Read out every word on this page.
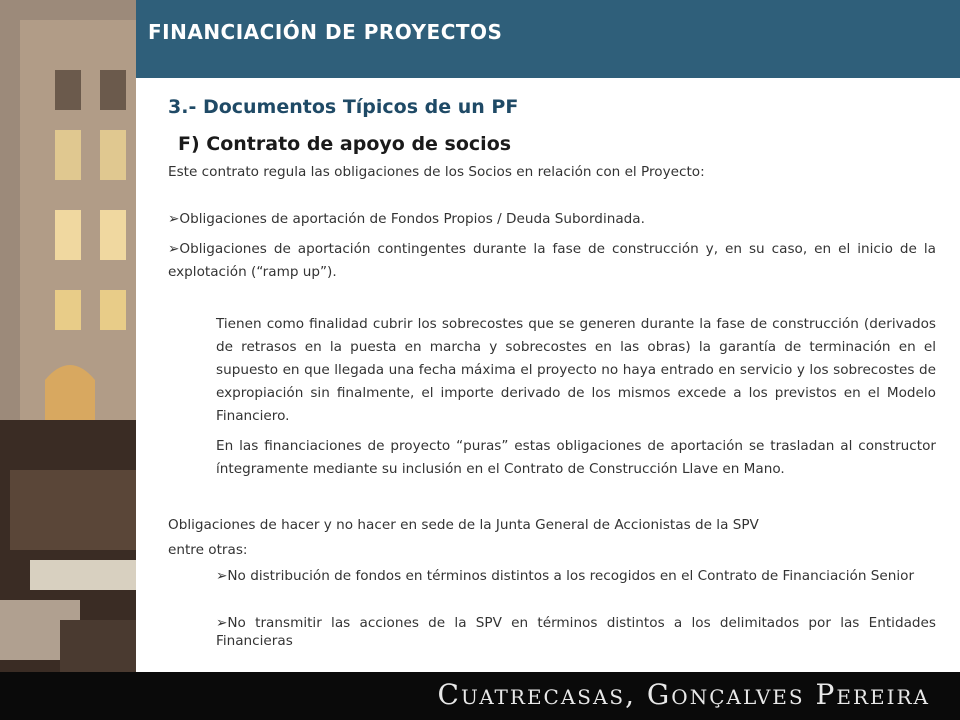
FINANCIACIÓN DE PROYECTOS
3.- Documentos Típicos de un PF
F) Contrato de apoyo de socios
Este contrato regula las obligaciones de los Socios en relación con el Proyecto:
➢Obligaciones de aportación de Fondos Propios / Deuda Subordinada.
➢Obligaciones de aportación contingentes durante la fase de construcción y, en su caso, en el inicio de la explotación (“ramp up”).
Tienen como finalidad cubrir los sobrecostes que se generen durante la fase de construcción (derivados de retrasos en la puesta en marcha y sobrecostes en las obras) la garantía de terminación en el supuesto en que llegada una fecha máxima el proyecto no haya entrado en servicio y los sobrecostes de expropiación sin finalmente, el importe derivado de los mismos excede a los previstos en el Modelo Financiero.
En las financiaciones de proyecto “puras” estas obligaciones de aportación se trasladan al constructor íntegramente mediante su inclusión en el Contrato de Construcción Llave en Mano.
Obligaciones de hacer y no hacer en sede de la Junta General de Accionistas de la SPV
entre otras:
➢No distribución de fondos en términos distintos a los recogidos en el Contrato de Financiación Senior
➢No transmitir las acciones de la SPV en términos distintos a los delimitados por las Entidades Financieras
Cuatrecasas, Gonçalves Pereira
